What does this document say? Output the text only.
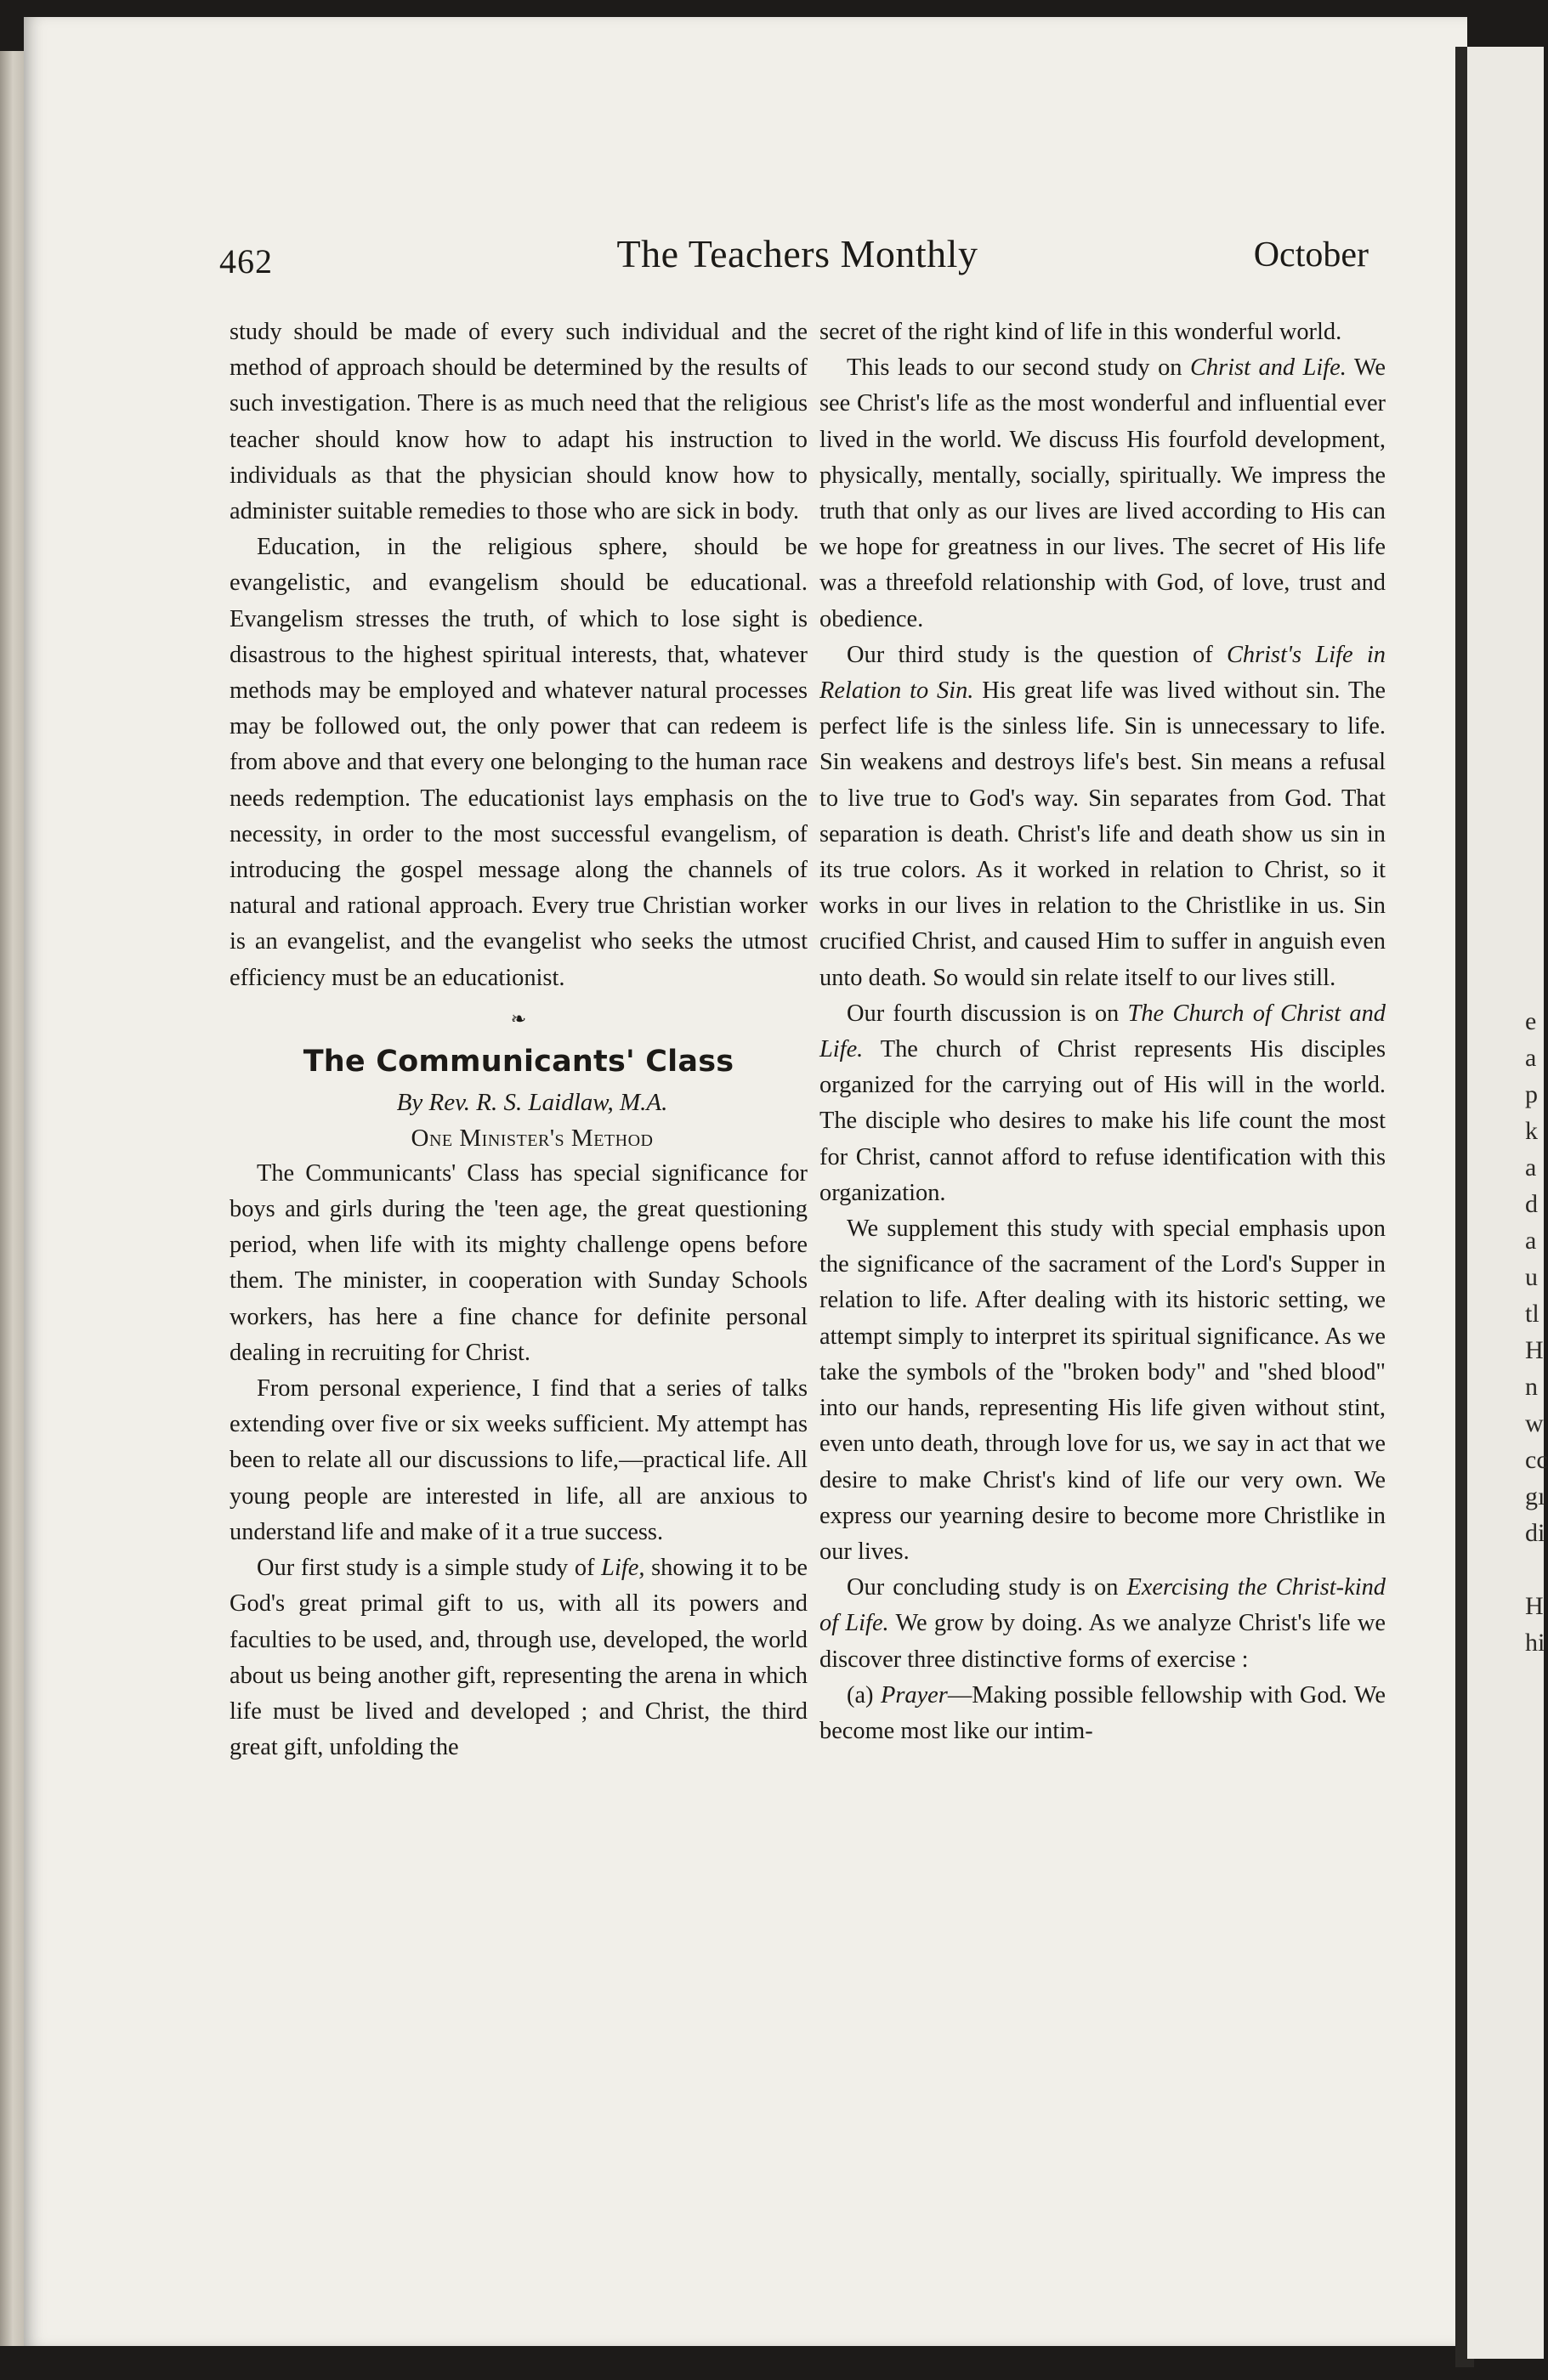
e
a
p
k
a
d
a
u
tl
H
n
w
cc
gı
di
H
hi
462	The Teachers Monthly	October

study should be made of every such individual and the method of approach should be determined by the results of such investigation. There is as much need that the religious teacher should know how to adapt his instruction to individuals as that the physician should know how to administer suitable remedies to those who are sick in body.

Education, in the religious sphere, should be evangelistic, and evangelism should be educational. Evangelism stresses the truth, of which to lose sight is disastrous to the highest spiritual interests, that, whatever methods may be employed and whatever natural processes may be followed out, the only power that can redeem is from above and that every one belonging to the human race needs redemption. The educationist lays emphasis on the necessity, in order to the most successful evangelism, of introducing the gospel message along the channels of natural and rational approach. Every true Christian worker is an evangelist, and the evangelist who seeks the utmost efficiency must be an educationist.

❧
The Communicants' Class

By Rev. R. S. Laidlaw, M.A.

One Minister's Method

The Communicants' Class has special significance for boys and girls during the 'teen age, the great questioning period, when life with its mighty challenge opens before them. The minister, in cooperation with Sunday Schools workers, has here a fine chance for definite personal dealing in recruiting for Christ.

From personal experience, I find that a series of talks extending over five or six weeks sufficient. My attempt has been to relate all our discussions to life,—practical life. All young people are interested in life, all are anxious to understand life and make of it a true success.

Our first study is a simple study of Life, showing it to be God's great primal gift to us, with all its powers and faculties to be used, and, through use, developed, the world about us being another gift, representing the arena in which life must be lived and developed ; and Christ, the third great gift, unfolding the

secret of the right kind of life in this wonderful world.

This leads to our second study on Christ and Life. We see Christ's life as the most wonderful and influential ever lived in the world. We discuss His fourfold development, physically, mentally, socially, spiritually. We impress the truth that only as our lives are lived according to His can we hope for greatness in our lives. The secret of His life was a threefold relationship with God, of love, trust and obedience.

Our third study is the question of Christ's Life in Relation to Sin. His great life was lived without sin. The perfect life is the sinless life. Sin is unnecessary to life. Sin weakens and destroys life's best. Sin means a refusal to live true to God's way. Sin separates from God. That separation is death. Christ's life and death show us sin in its true colors. As it worked in relation to Christ, so it works in our lives in relation to the Christlike in us. Sin crucified Christ, and caused Him to suffer in anguish even unto death. So would sin relate itself to our lives still.

Our fourth discussion is on The Church of Christ and Life. The church of Christ represents His disciples organized for the carrying out of His will in the world. The disciple who desires to make his life count the most for Christ, cannot afford to refuse identification with this organization.

We supplement this study with special emphasis upon the significance of the sacrament of the Lord's Supper in relation to life. After dealing with its historic setting, we attempt simply to interpret its spiritual significance. As we take the symbols of the "broken body" and "shed blood" into our hands, representing His life given without stint, even unto death, through love for us, we say in act that we desire to make Christ's kind of life our very own. We express our yearning desire to become more Christlike in our lives.

Our concluding study is on Exercising the Christ-kind of Life. We grow by doing. As we analyze Christ's life we discover three distinctive forms of exercise :

(a) Prayer—Making possible fellowship with God. We become most like our intim-
